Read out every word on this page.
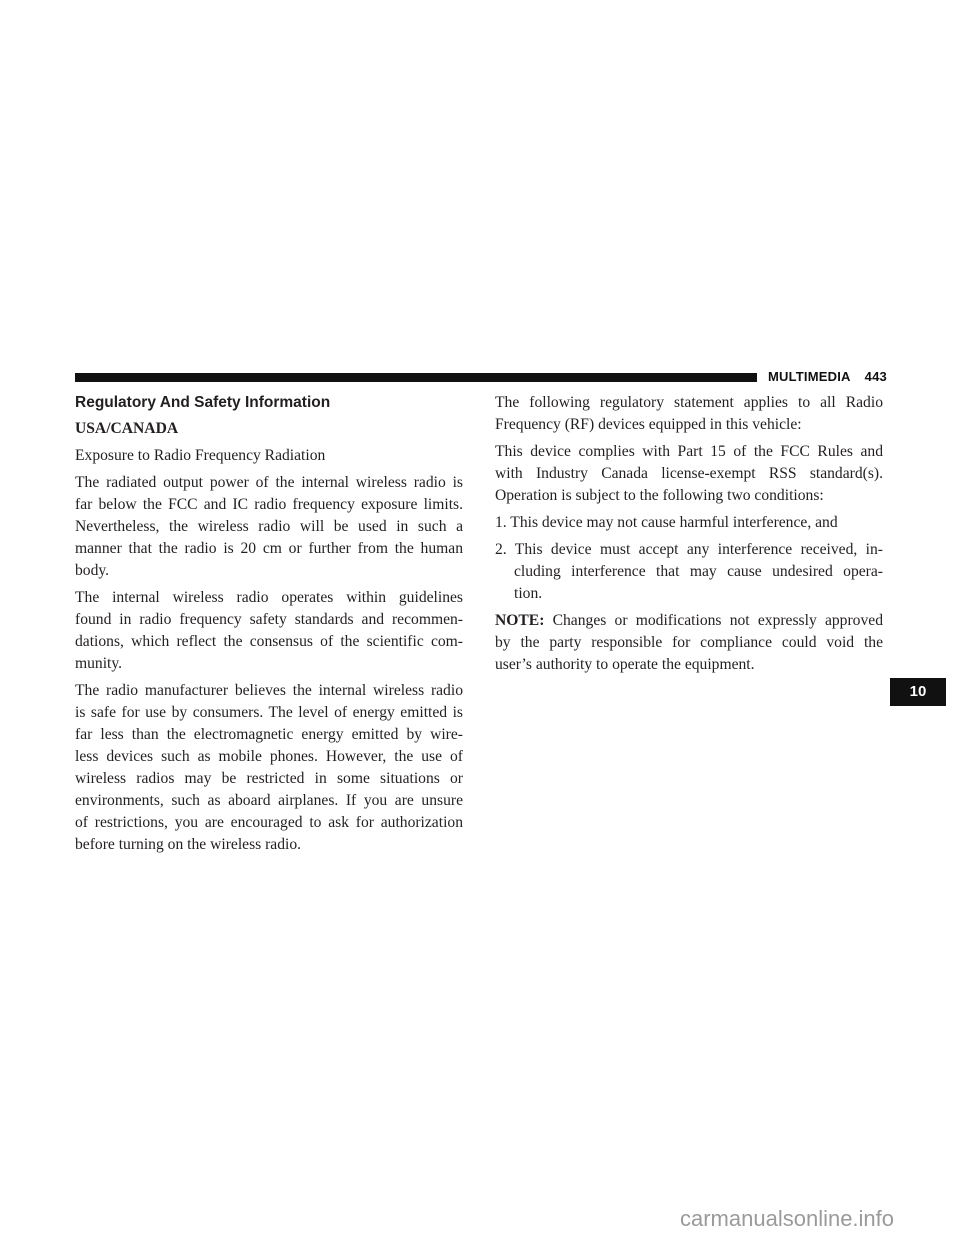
MULTIMEDIA 443
Regulatory And Safety Information
USA/CANADA
Exposure to Radio Frequency Radiation
The radiated output power of the internal wireless radio is
far below the FCC and IC radio frequency exposure limits.
Nevertheless, the wireless radio will be used in such a
manner that the radio is 20 cm or further from the human
body.
The internal wireless radio operates within guidelines
found in radio frequency safety standards and recommen-
dations, which reflect the consensus of the scientific com-
munity.
The radio manufacturer believes the internal wireless radio
is safe for use by consumers. The level of energy emitted is
far less than the electromagnetic energy emitted by wire-
less devices such as mobile phones. However, the use of
wireless radios may be restricted in some situations or
environments, such as aboard airplanes. If you are unsure
of restrictions, you are encouraged to ask for authorization
before turning on the wireless radio.
The following regulatory statement applies to all Radio
Frequency (RF) devices equipped in this vehicle:
This device complies with Part 15 of the FCC Rules and
with Industry Canada license-exempt RSS standard(s).
Operation is subject to the following two conditions:
1. This device may not cause harmful interference, and
2. This device must accept any interference received, in-
cluding interference that may cause undesired opera-
tion.
NOTE: Changes or modifications not expressly approved
by the party responsible for compliance could void the
user’s authority to operate the equipment.
10
carmanualsonline.info
